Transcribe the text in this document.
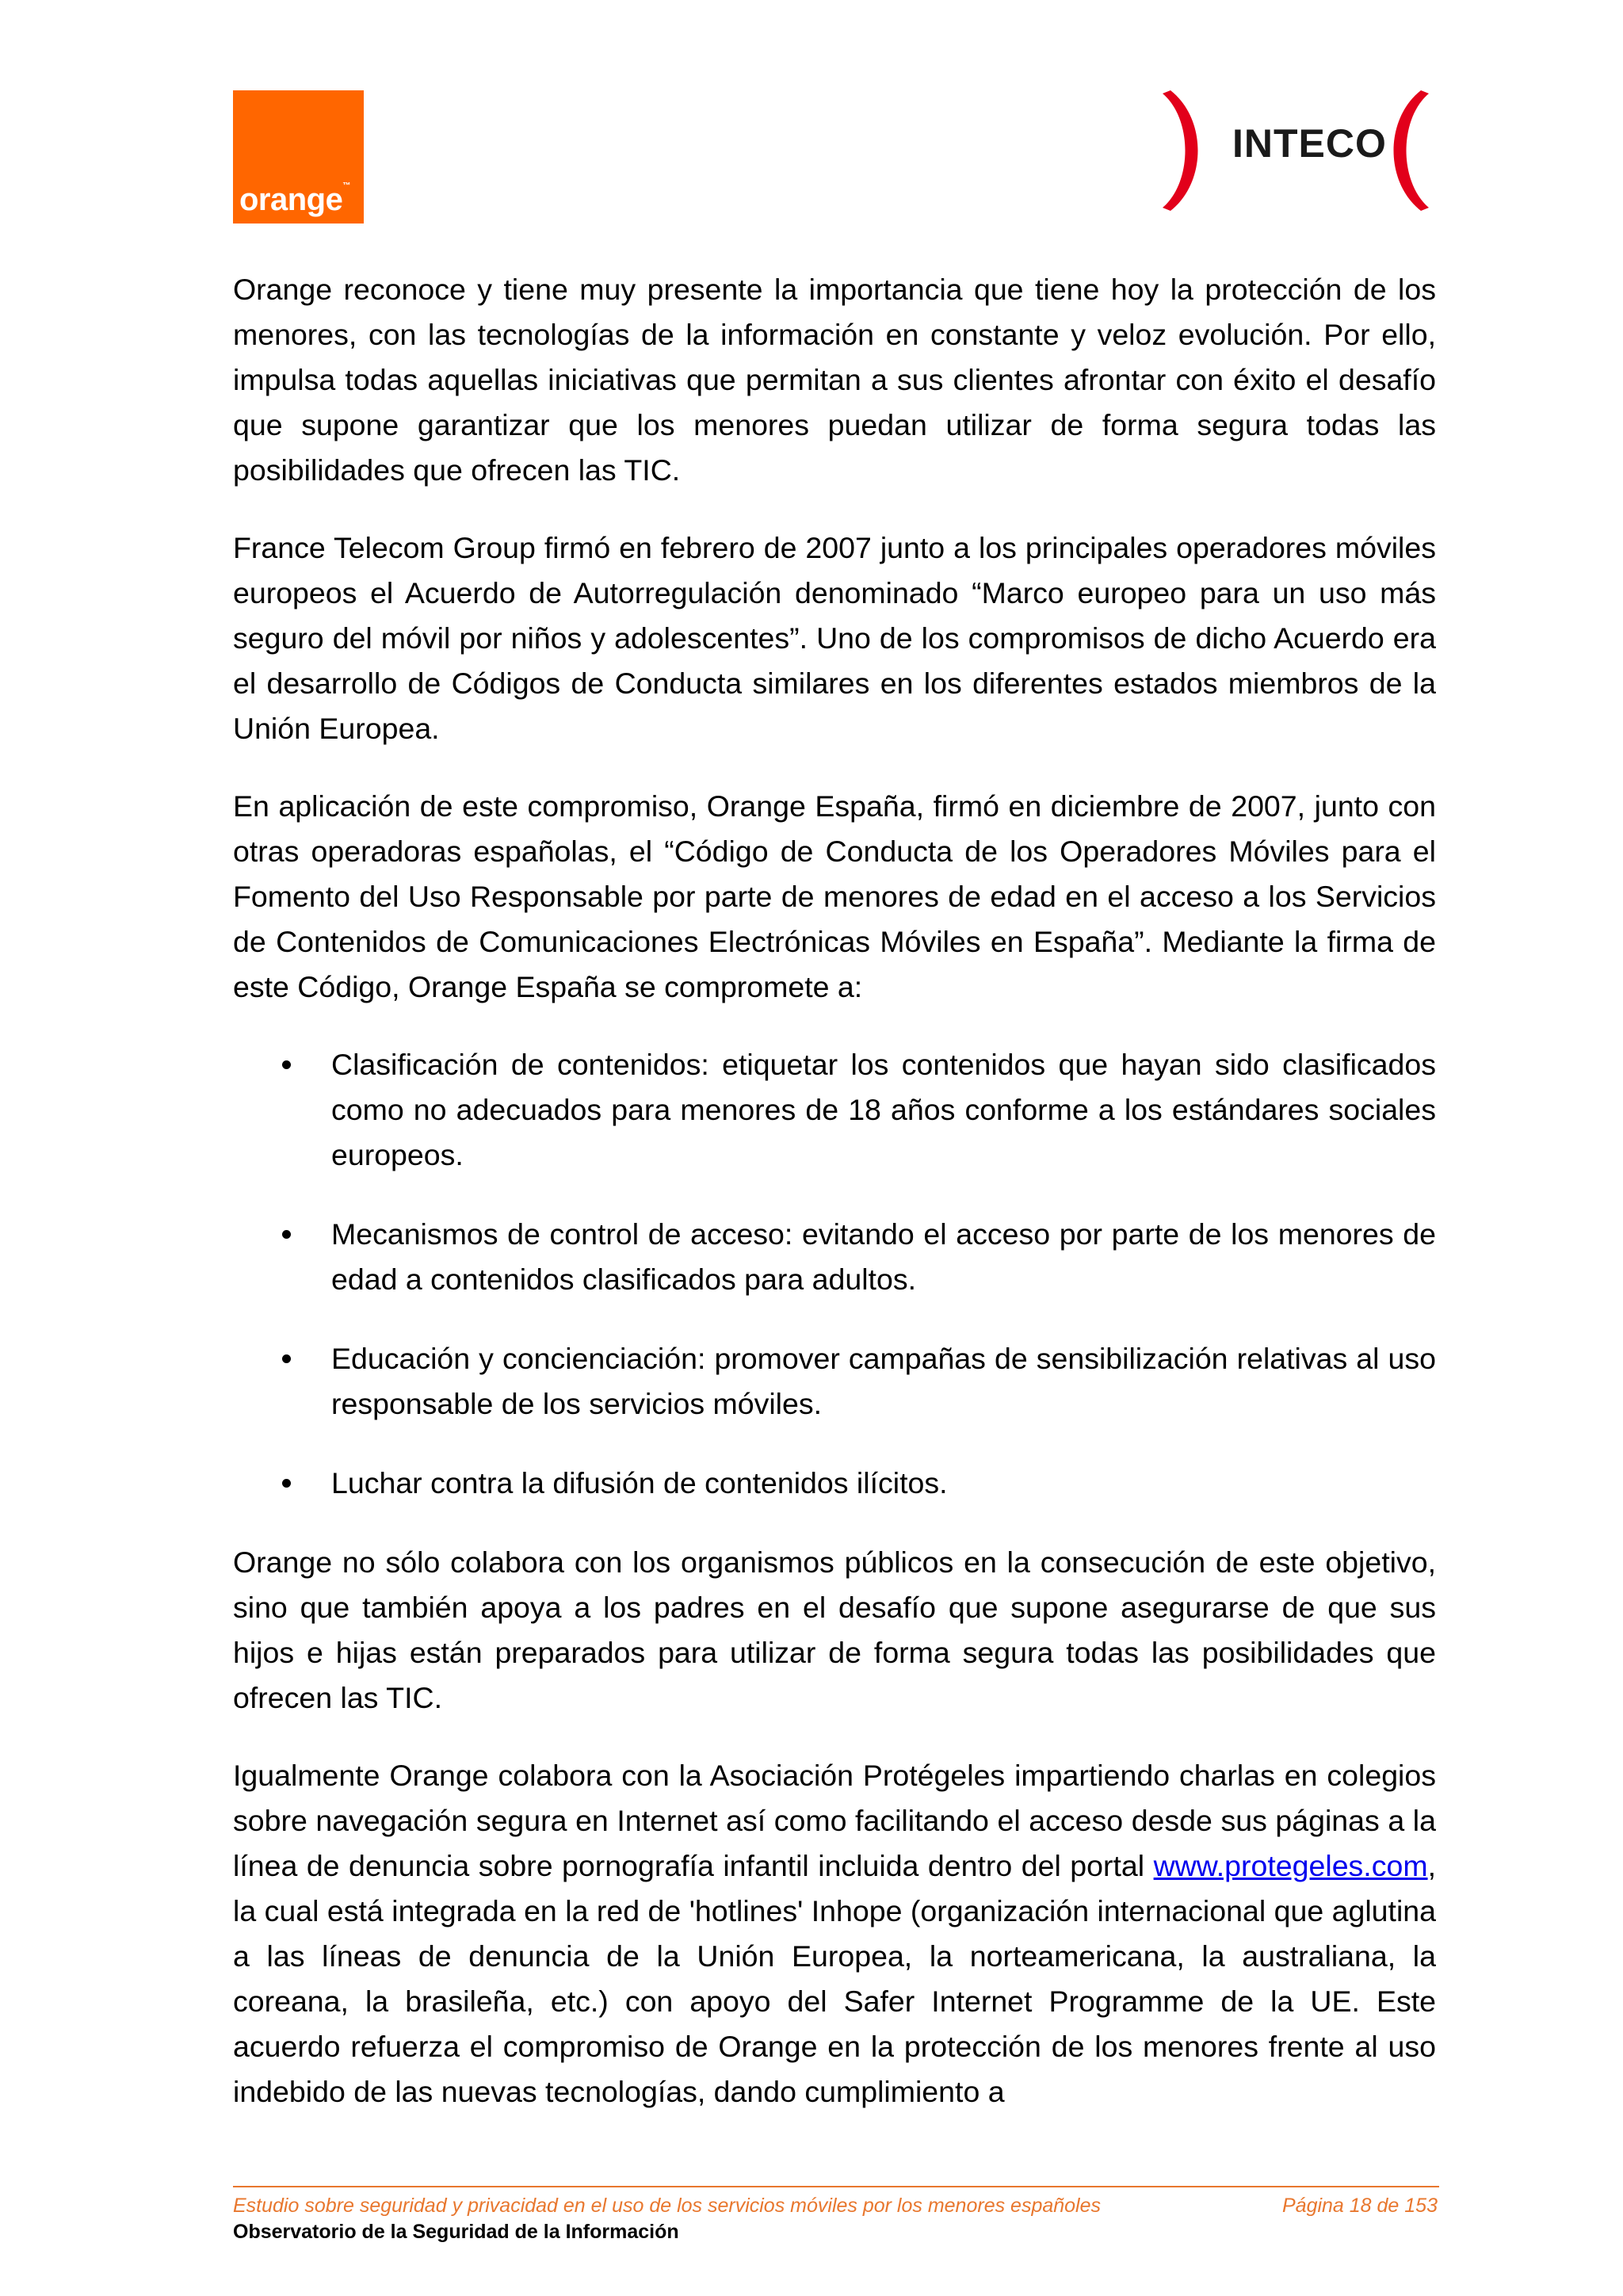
orange™
INTECO

Orange reconoce y tiene muy presente la importancia que tiene hoy la protección de los menores, con las tecnologías de la información en constante y veloz evolución. Por ello, impulsa todas aquellas iniciativas que permitan a sus clientes afrontar con éxito el desafío que supone garantizar que los menores puedan utilizar de forma segura todas las posibilidades que ofrecen las TIC.

France Telecom Group firmó en febrero de 2007 junto a los principales operadores móviles europeos el Acuerdo de Autorregulación denominado “Marco europeo para un uso más seguro del móvil por niños y adolescentes”. Uno de los compromisos de dicho Acuerdo era el desarrollo de Códigos de Conducta similares en los diferentes estados miembros de la Unión Europea.

En aplicación de este compromiso, Orange España, firmó en diciembre de 2007, junto con otras operadoras españolas, el “Código de Conducta de los Operadores Móviles para el Fomento del Uso Responsable por parte de menores de edad en el acceso a los Servicios de Contenidos de Comunicaciones Electrónicas Móviles en España”. Mediante la firma de este Código, Orange España se compromete a:

Clasificación de contenidos: etiquetar los contenidos que hayan sido clasificados como no adecuados para menores de 18 años conforme a los estándares sociales europeos.
Mecanismos de control de acceso: evitando el acceso por parte de los menores de edad a contenidos clasificados para adultos.
Educación y concienciación: promover campañas de sensibilización relativas al uso responsable de los servicios móviles.
Luchar contra la difusión de contenidos ilícitos.

Orange no sólo colabora con los organismos públicos en la consecución de este objetivo, sino que también apoya a los padres en el desafío que supone asegurarse de que sus hijos e hijas están preparados para utilizar de forma segura todas las posibilidades que ofrecen las TIC.

Igualmente Orange colabora con la Asociación Protégeles impartiendo charlas en colegios sobre navegación segura en Internet así como facilitando el acceso desde sus páginas a la línea de denuncia sobre pornografía infantil incluida dentro del portal www.protegeles.com, la cual está integrada en la red de 'hotlines' Inhope (organización internacional que aglutina a las líneas de denuncia de la Unión Europea, la norteamericana, la australiana, la coreana, la brasileña, etc.) con apoyo del Safer Internet Programme de la UE. Este acuerdo refuerza el compromiso de Orange en la protección de los menores frente al uso indebido de las nuevas tecnologías, dando cumplimiento a

Estudio sobre seguridad y privacidad en el uso de los servicios móviles por los menores españoles	Página 18 de 153
Observatorio de la Seguridad de la Información
